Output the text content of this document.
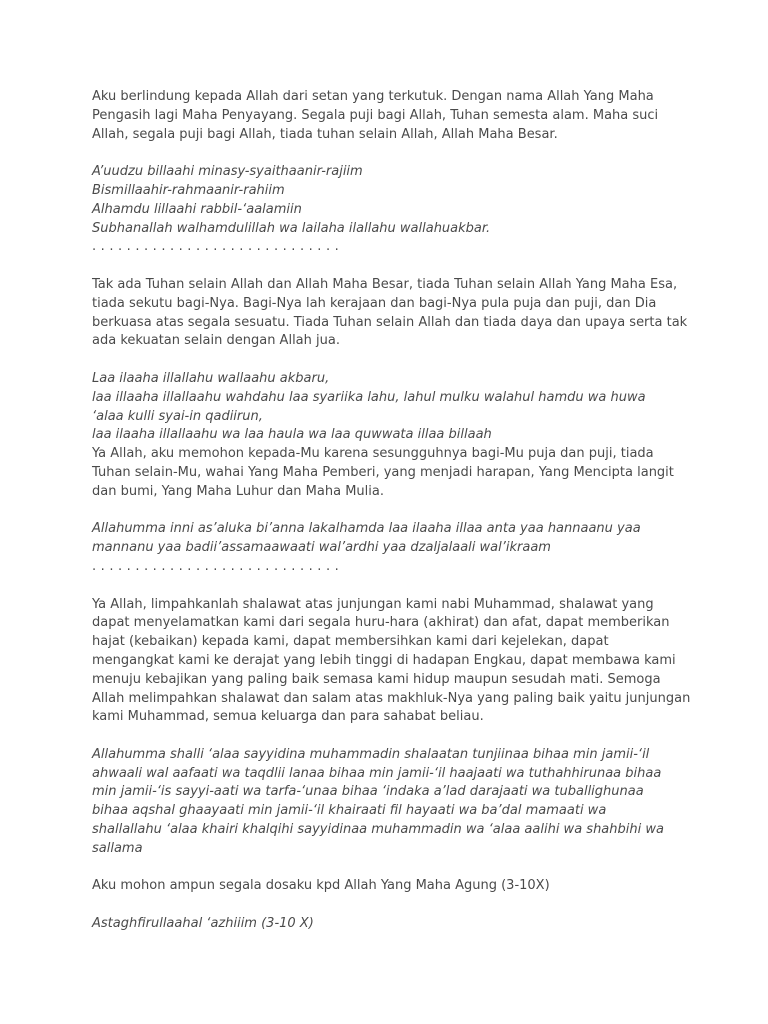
Aku berlindung kepada Allah dari setan yang terkutuk. Dengan nama Allah Yang Maha
Pengasih lagi Maha Penyayang. Segala puji bagi Allah, Tuhan semesta alam. Maha suci
Allah, segala puji bagi Allah, tiada tuhan selain Allah, Allah Maha Besar.
A’uudzu billaahi minasy-syaithaanir-rajiim
Bismillaahir-rahmaanir-rahiim
Alhamdu lillaahi rabbil-‘aalamiin
Subhanallah walhamdulillah wa lailaha ilallahu wallahuakbar.
. . . . . . . . . . . . . . . . . . . . . . . . . . . . .
Tak ada Tuhan selain Allah dan Allah Maha Besar, tiada Tuhan selain Allah Yang Maha Esa,
tiada sekutu bagi-Nya. Bagi-Nya lah kerajaan dan bagi-Nya pula puja dan puji, dan Dia
berkuasa atas segala sesuatu. Tiada Tuhan selain Allah dan tiada daya dan upaya serta tak
ada kekuatan selain dengan Allah jua.
Laa ilaaha illallahu wallaahu akbaru,
laa illaaha illallaahu wahdahu laa syariika lahu, lahul mulku walahul hamdu wa huwa
‘alaa kulli syai-in qadiirun,
laa ilaaha illallaahu wa laa haula wa laa quwwata illaa billaah
Ya Allah, aku memohon kepada-Mu karena sesungguhnya bagi-Mu puja dan puji, tiada
Tuhan selain-Mu, wahai Yang Maha Pemberi, yang menjadi harapan, Yang Mencipta langit
dan bumi, Yang Maha Luhur dan Maha Mulia.
Allahumma inni as’aluka bi’anna lakalhamda laa ilaaha illaa anta yaa hannaanu yaa
mannanu yaa badii’assamaawaati wal’ardhi yaa dzaljalaali wal’ikraam
. . . . . . . . . . . . . . . . . . . . . . . . . . . . .
Ya Allah, limpahkanlah shalawat atas junjungan kami nabi Muhammad, shalawat yang
dapat menyelamatkan kami dari segala huru-hara (akhirat) dan afat, dapat memberikan
hajat (kebaikan) kepada kami, dapat membersihkan kami dari kejelekan, dapat
mengangkat kami ke derajat yang lebih tinggi di hadapan Engkau, dapat membawa kami
menuju kebajikan yang paling baik semasa kami hidup maupun sesudah mati. Semoga
Allah melimpahkan shalawat dan salam atas makhluk-Nya yang paling baik yaitu junjungan
kami Muhammad, semua keluarga dan para sahabat beliau.
Allahumma shalli ‘alaa sayyidina muhammadin shalaatan tunjiinaa bihaa min jamii-‘il
ahwaali wal aafaati wa taqdlii lanaa bihaa min jamii-‘il haajaati wa tuthahhirunaa bihaa
min jamii-‘is sayyi-aati wa tarfa-‘unaa bihaa ‘indaka a’lad darajaati wa tuballighunaa
bihaa aqshal ghaayaati min jamii-‘il khairaati fil hayaati wa ba’dal mamaati wa
shallallahu ‘alaa khairi khalqihi sayyidinaa muhammadin wa ‘alaa aalihi wa shahbihi wa
sallama
Aku mohon ampun segala dosaku kpd Allah Yang Maha Agung (3-10X)
Astaghfirullaahal ‘azhiiim (3-10 X)
